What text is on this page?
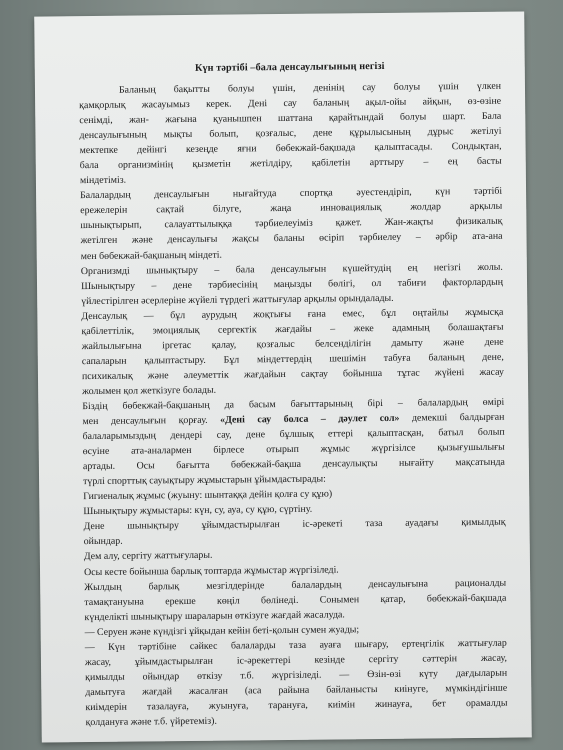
Күн тәртібі –бала денсаулығының негізі
Баланың бақытты болуы үшін, денінің сау болуы үшін үлкен
қамқорлық жасауымыз керек. Дені сау баланың ақыл-ойы айқын, өз-өзіне
сенімді, жан- жағына қуанышпен шаттана қарайтындай болуы шарт. Бала
денсаулығының мықты болып, қозғалыс, дене құрылысының дұрыс жетілуі
мектепке дейінгі кезеңде яғни бөбекжай-бақшада қалыптасады. Сондықтан,
бала организмінің қызметін жетілдіру, қабілетін арттыру – ең басты
міндетіміз.
Балалардың денсаулығын нығайтуда спортқа әуестендіріп, күн тәртібі
ережелерін сақтай білуге, жаңа инновациялық жолдар арқылы
шынықтырып, салауаттылыққа тәрбиелеуіміз қажет. Жан-жақты физикалық
жетілген және денсаулығы жақсы баланы өсіріп тәрбиелеу – әрбір ата-ана
мен бөбекжай-бақшаның міндеті.
Организмді шынықтыру – бала денсаулығын күшейтудің ең негізгі жолы.
Шынықтыру – дене тәрбиесінің маңызды бөлігі, ол табиғи факторлардың
үйлестірілген әсерлеріне жүйелі түрдегі жаттығулар арқылы орындалады.
Денсаулық — бұл аурудың жоқтығы ғана емес, бұл оңтайлы жұмысқа
қабілеттілік, эмоциялық сергектік жағдайы – жеке адамның болашақтағы
жайлылығына іргетас қалау, қозғалыс белсенділігін дамыту және дене
сапаларын қалыптастыру. Бұл міндеттердің шешімін табуға баланың дене,
психикалық және әлеуметтік жағдайын сақтау бойынша тұтас жүйені жасау
жолымен қол жеткізуге болады.
Біздің бөбекжай-бақшаның да басым бағыттарының бірі – балалардың өмірі
мен денсаулығын қорғау. «Дені сау болса – дәулет сол» демекші балдырған
балаларымыздың дендері сау, дене бұлшық еттері қалыптасқан, батыл болып
өсуіне ата-аналармен бірлесе отырып жұмыс жүргізілсе қызығушылығы
артады. Осы бағытта бөбекжай-бақша денсаулықты нығайту мақсатында
түрлі спорттық сауықтыру жұмыстарын ұйымдастырады:
Гигиеналық жұмыс (жуыну: шынтаққа дейін қолға су құю)
Шынықтыру жұмыстары: күн, су, ауа, су құю, сүртіну.
Дене шынықтыру ұйымдастырылған іс-әрекеті таза ауадағы қимылдық
ойындар.
Дем алу, сергіту жаттығулары.
Осы кесте бойынша барлық топтарда жұмыстар жүргізіледі.
Жылдың барлық мезгілдерінде балалардың денсаулығына рационалды
тамақтануына ерекше көңіл бөлінеді. Сонымен қатар, бөбекжай-бақшада
күнделікті шынықтыру шараларын өткізуге жағдай жасалуда.
— Серуен және күндізгі ұйқыдан кейін беті-қолын сумен жуады;
— Күн тәртібіне сәйкес балаларды таза ауаға шығару, ертеңгілік жаттығулар
жасау, ұйымдастырылған іс-әрекеттері кезінде сергіту сәттерін жасау,
қимылды ойындар өткізу т.б. жүргізіледі. — Өзін-өзі күту дағдыларын
дамытуға жағдай жасалған (аса райына байланысты киінуге, мүмкіндігінше
киімдерін тазалауға, жуынуға, тарануға, киімін жинауға, бет орамалды
қолдануға және т.б. үйретеміз).
